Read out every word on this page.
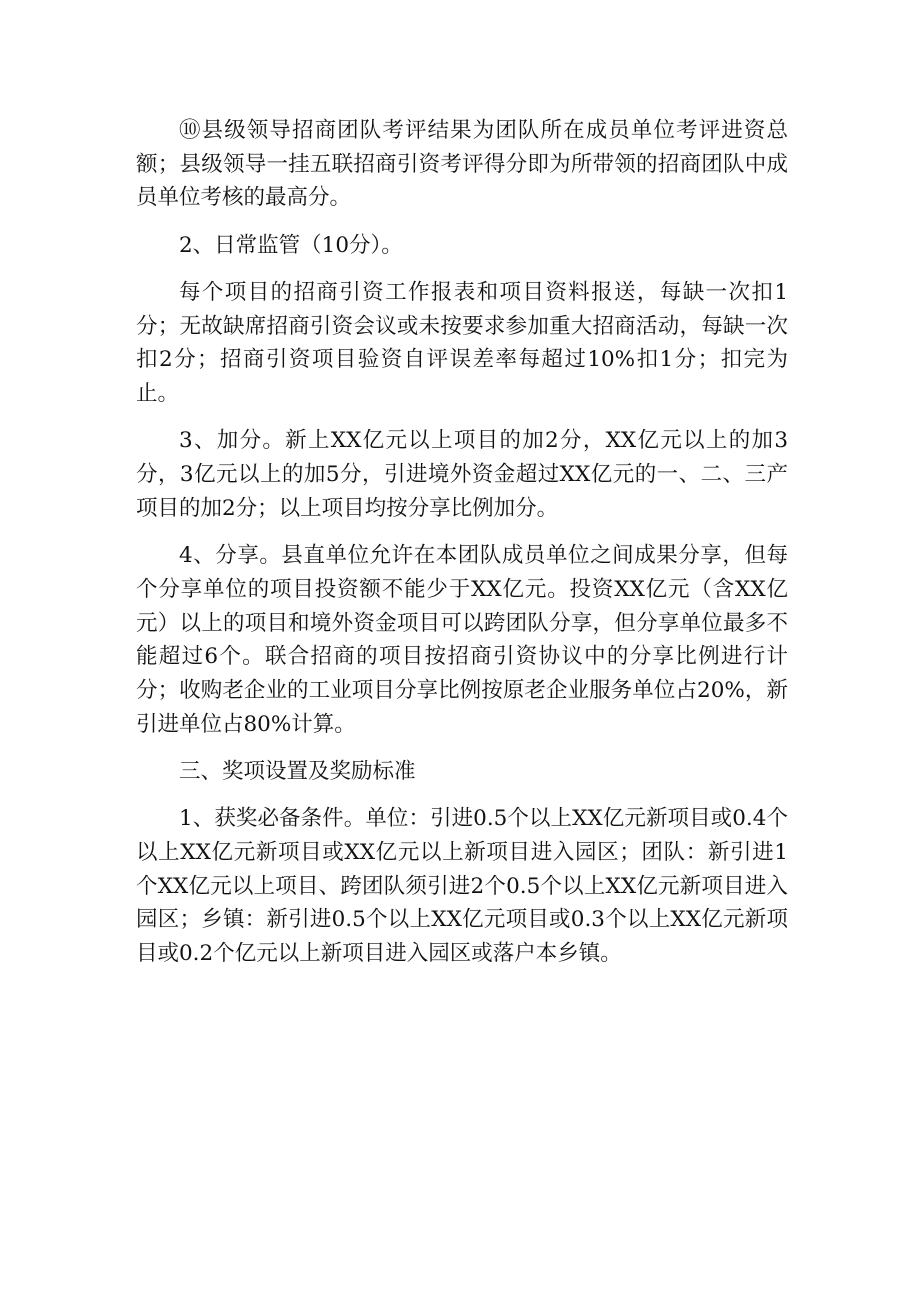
⑩县级领导招商团队考评结果为团队所在成员单位考评进资总额；县级领导一挂五联招商引资考评得分即为所带领的招商团队中成员单位考核的最高分。

2、日常监管（10分）。

每个项目的招商引资工作报表和项目资料报送，每缺一次扣1分；无故缺席招商引资会议或未按要求参加重大招商活动，每缺一次扣2分；招商引资项目验资自评误差率每超过10%扣1分；扣完为止。

3、加分。新上XX亿元以上项目的加2分，XX亿元以上的加3分，3亿元以上的加5分，引进境外资金超过XX亿元的一、二、三产项目的加2分；以上项目均按分享比例加分。

4、分享。县直单位允许在本团队成员单位之间成果分享，但每个分享单位的项目投资额不能少于XX亿元。投资XX亿元（含XX亿元）以上的项目和境外资金项目可以跨团队分享，但分享单位最多不能超过6个。联合招商的项目按招商引资协议中的分享比例进行计分；收购老企业的工业项目分享比例按原老企业服务单位占20%，新引进单位占80%计算。

三、奖项设置及奖励标准

1、获奖必备条件。单位：引进0.5个以上XX亿元新项目或0.4个以上XX亿元新项目或XX亿元以上新项目进入园区；团队：新引进1个XX亿元以上项目、跨团队须引进2个0.5个以上XX亿元新项目进入园区；乡镇：新引进0.5个以上XX亿元项目或0.3个以上XX亿元新项目或0.2个亿元以上新项目进入园区或落户本乡镇。
